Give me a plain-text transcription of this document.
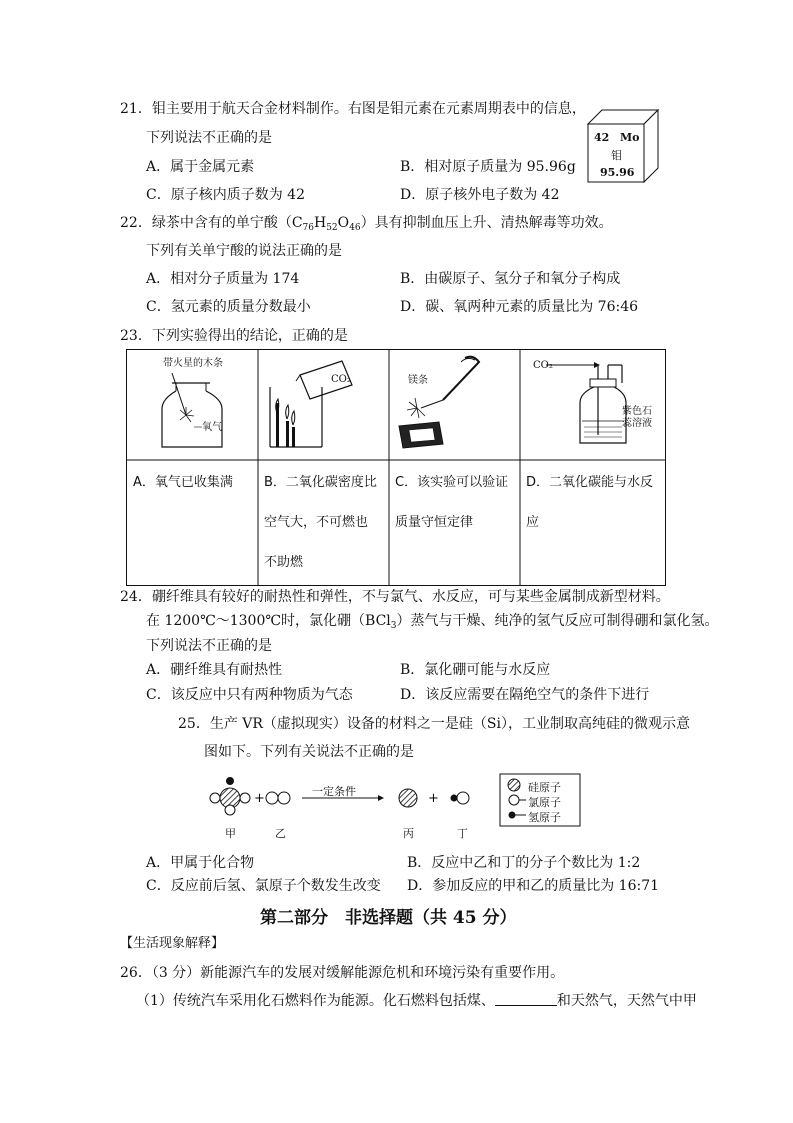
21．钼主要用于航天合金材料制作。右图是钼元素在元素周期表中的信息，
下列说法不正确的是
A．属于金属元素	B．相对原子质量为 95.96g
C．原子核内质子数为 42	D．原子核外电子数为 42
42 Mo
钼
95.96
22．绿茶中含有的单宁酸$(C_{76}H_{52}O_{46})$具有抑制血压上升、清热解毒等功效。
下列有关单宁酸的说法正确的是
A．相对分子质量为 174	B．由碳原子、氢分子和氧分子构成
C．氢元素的质量分数最小	D．碳、氧两种元素的质量比为 76:46
23．下列实验得出的结论，正确的是
带火星的木条
氧气
CO₂	镁条
CO₂
紫色石
蕊溶液
A．氧气已收集满 B．二氧化碳密度比
空气大，不可燃也
不助燃
C．该实验可以验证
质量守恒定律
D．二氧化碳能与水反
应
24．硼纤维具有较好的耐热性和弹性，不与氯气、水反应，可与某些金属制成新型材料。
在 1200℃～1300℃时，氯化硼（BCl$_3$）蒸气与干燥、纯净的氢气反应可制得硼和氯化氢。
下列说法不正确的是
A．硼纤维具有耐热性	B．氯化硼可能与水反应
C．该反应中只有两种物质为气态	D．该反应需要在隔绝空气的条件下进行
25．生产 VR（虚拟现实）设备的材料之一是硅（Si），工业制取高纯硅的微观示意
图如下。下列有关说法不正确的是
+	+
一定条件	硅原子
氯原子
氢原子
甲	乙	丙	丁
A．甲属于化合物	B．反应中乙和丁的分子个数比为 1:2
C．反应前后氢、氯原子个数发生改变 D．参加反应的甲和乙的质量比为 16:71
第二部分　非选择题（共 45 分）
【生活现象解释】
26．（3 分）新能源汽车的发展对缓解能源危机和环境污染有重要作用。
（1）传统汽车采用化石燃料作为能源。化石燃料包括煤、	和天然气，天然气中甲
